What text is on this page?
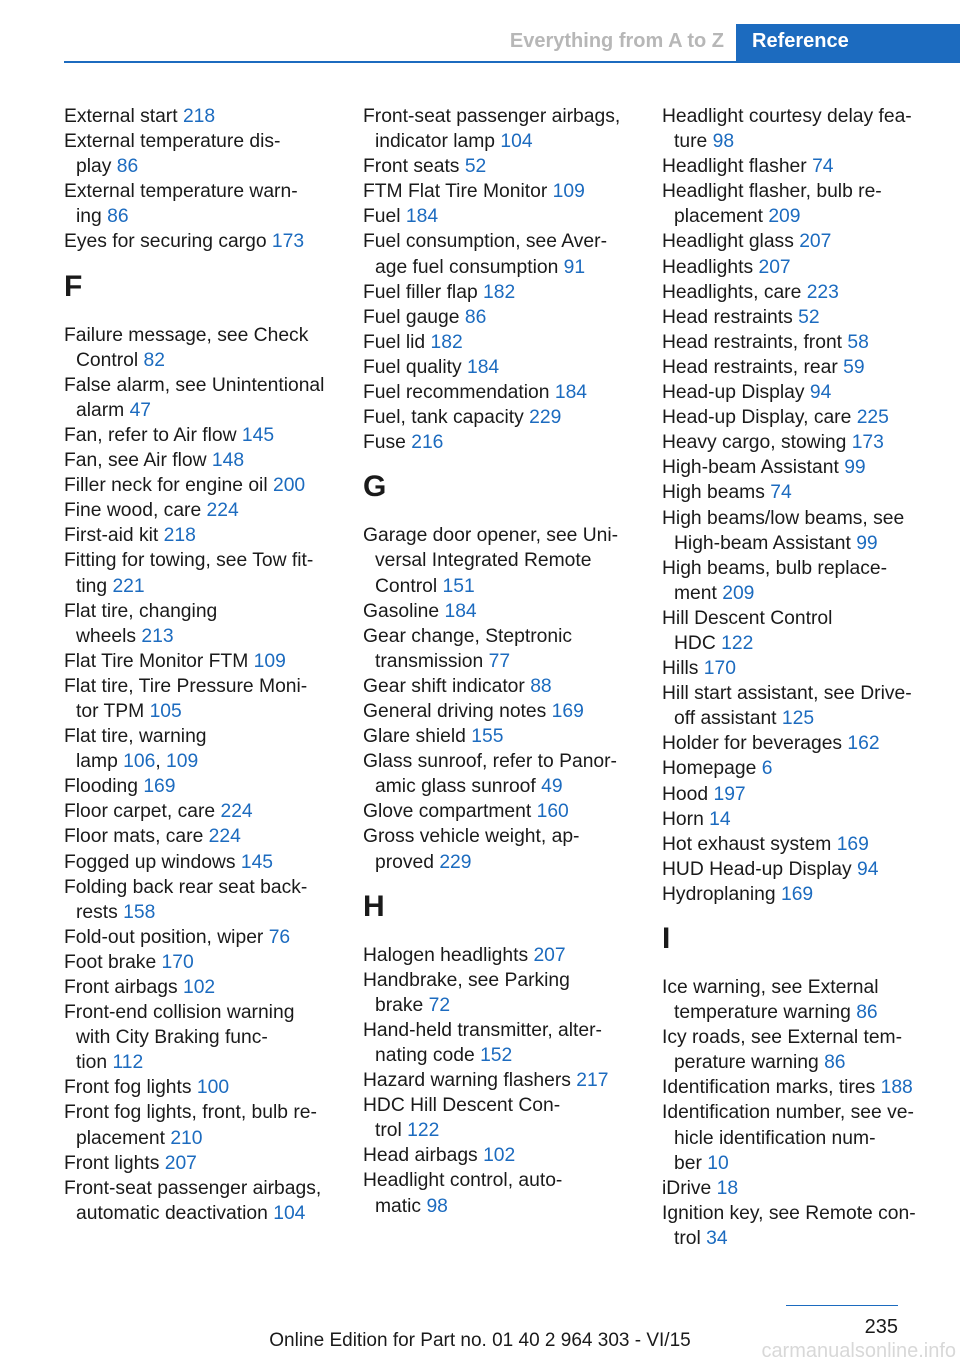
Everything from A to Z Reference
External start 218
External temperature dis-
play 86
External temperature warn-
ing 86
Eyes for securing cargo 173
F
Failure message, see Check
Control 82
False alarm, see Unintentional
alarm 47
Fan, refer to Air flow 145
Fan, see Air flow 148
Filler neck for engine oil 200
Fine wood, care 224
First-aid kit 218
Fitting for towing, see Tow fit-
ting 221
Flat tire, changing
wheels 213
Flat Tire Monitor FTM 109
Flat tire, Tire Pressure Moni-
tor TPM 105
Flat tire, warning
lamp 106, 109
Flooding 169
Floor carpet, care 224
Floor mats, care 224
Fogged up windows 145
Folding back rear seat back-
rests 158
Fold-out position, wiper 76
Foot brake 170
Front airbags 102
Front-end collision warning
with City Braking func-
tion 112
Front fog lights 100
Front fog lights, front, bulb re-
placement 210
Front lights 207
Front-seat passenger airbags,
automatic deactivation 104
Front-seat passenger airbags,
indicator lamp 104
Front seats 52
FTM Flat Tire Monitor 109
Fuel 184
Fuel consumption, see Aver-
age fuel consumption 91
Fuel filler flap 182
Fuel gauge 86
Fuel lid 182
Fuel quality 184
Fuel recommendation 184
Fuel, tank capacity 229
Fuse 216
G
Garage door opener, see Uni-
versal Integrated Remote
Control 151
Gasoline 184
Gear change, Steptronic
transmission 77
Gear shift indicator 88
General driving notes 169
Glare shield 155
Glass sunroof, refer to Panor-
amic glass sunroof 49
Glove compartment 160
Gross vehicle weight, ap-
proved 229
H
Halogen headlights 207
Handbrake, see Parking
brake 72
Hand-held transmitter, alter-
nating code 152
Hazard warning flashers 217
HDC Hill Descent Con-
trol 122
Head airbags 102
Headlight control, auto-
matic 98
Headlight courtesy delay fea-
ture 98
Headlight flasher 74
Headlight flasher, bulb re-
placement 209
Headlight glass 207
Headlights 207
Headlights, care 223
Head restraints 52
Head restraints, front 58
Head restraints, rear 59
Head-up Display 94
Head-up Display, care 225
Heavy cargo, stowing 173
High-beam Assistant 99
High beams 74
High beams/low beams, see
High-beam Assistant 99
High beams, bulb replace-
ment 209
Hill Descent Control
HDC 122
Hills 170
Hill start assistant, see Drive-
off assistant 125
Holder for beverages 162
Homepage 6
Hood 197
Horn 14
Hot exhaust system 169
HUD Head-up Display 94
Hydroplaning 169
I
Ice warning, see External
temperature warning 86
Icy roads, see External tem-
perature warning 86
Identification marks, tires 188
Identification number, see ve-
hicle identification num-
ber 10
iDrive 18
Ignition key, see Remote con-
trol 34
235
Online Edition for Part no. 01 40 2 964 303 - VI/15	carmanualsonline.info
